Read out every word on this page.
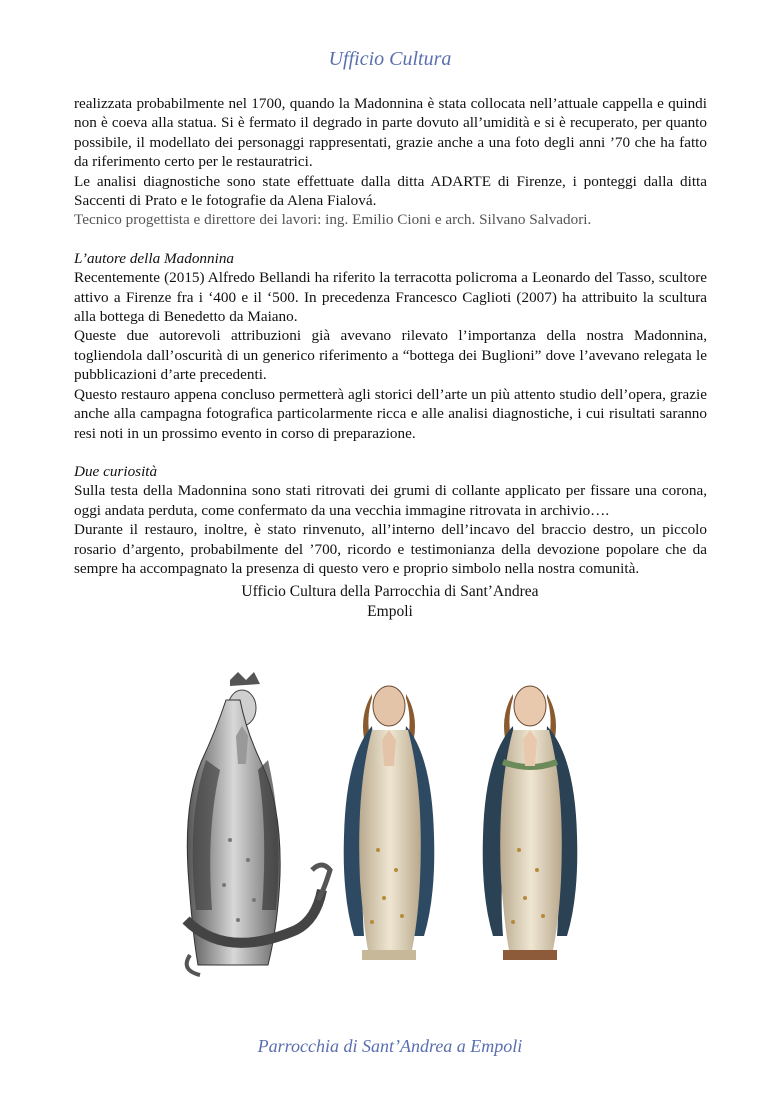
Ufficio Cultura

realizzata probabilmente nel 1700, quando la Madonnina è stata collocata nell’attuale cappella e quindi non è coeva alla statua. Si è fermato il degrado in parte dovuto all’umidità e si è recuperato, per quanto possibile, il modellato dei personaggi rappresentati, grazie anche a una foto degli anni ’70 che ha fatto da riferimento certo per le restauratrici.

Le analisi diagnostiche sono state effettuate dalla ditta ADARTE di Firenze, i ponteggi dalla ditta Saccenti di Prato e le fotografie da Alena Fialová.

Tecnico progettista e direttore dei lavori: ing. Emilio Cioni e arch. Silvano Salvadori.

L’autore della Madonnina

Recentemente (2015) Alfredo Bellandi ha riferito la terracotta policroma a Leonardo del Tasso, scultore attivo a Firenze fra i ‘400 e il ‘500. In precedenza Francesco Caglioti (2007) ha attribuito la scultura alla bottega di Benedetto da Maiano.

Queste due autorevoli attribuzioni già avevano rilevato l’importanza della nostra Madonnina, togliendola dall’oscurità di un generico riferimento a “bottega dei Buglioni” dove l’avevano relegata le pubblicazioni d’arte precedenti.

Questo restauro appena concluso permetterà agli storici dell’arte un più attento studio dell’opera, grazie anche alla campagna fotografica particolarmente ricca e alle analisi diagnostiche, i cui risultati saranno resi noti in un prossimo evento in corso di preparazione.

Due curiosità

Sulla testa della Madonnina sono stati ritrovati dei grumi di collante applicato per fissare una corona, oggi andata perduta, come confermato da una vecchia immagine ritrovata in archivio….

Durante il restauro, inoltre, è stato rinvenuto, all’interno dell’incavo del braccio destro, un piccolo rosario d’argento, probabilmente del ’700, ricordo e testimonianza della devozione popolare che da sempre ha accompagnato la presenza di questo vero e proprio simbolo nella nostra comunità.

Ufficio Cultura della Parrocchia di Sant’Andrea
Empoli
Parrocchia di Sant’Andrea a Empoli
